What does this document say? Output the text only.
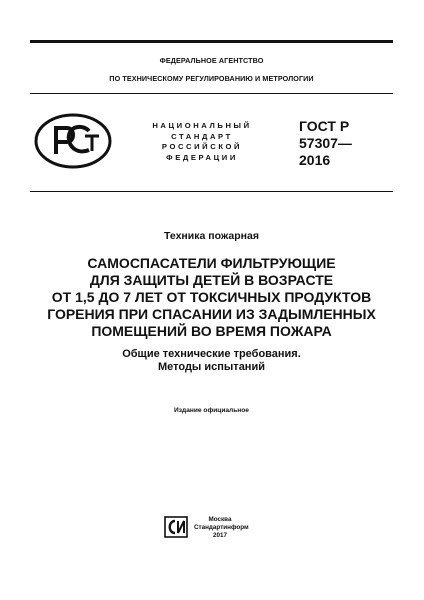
ФЕДЕРАЛЬНОЕ АГЕНТСТВО
ПО ТЕХНИЧЕСКОМУ РЕГУЛИРОВАНИЮ И МЕТРОЛОГИИ
НАЦИОНАЛЬНЫЙ
СТАНДАРТ
РОССИЙСКОЙ
ФЕДЕРАЦИИ
ГОСТ Р
57307—
2016
Техника пожарная
САМОСПАСАТЕЛИ ФИЛЬТРУЮЩИЕ
ДЛЯ ЗАЩИТЫ ДЕТЕЙ В ВОЗРАСТЕ
ОТ 1,5 ДО 7 ЛЕТ ОТ ТОКСИЧНЫХ ПРОДУКТОВ
ГОРЕНИЯ ПРИ СПАСАНИИ ИЗ ЗАДЫМЛЕННЫХ
ПОМЕЩЕНИЙ ВО ВРЕМЯ ПОЖАРА
Общие технические требования.
Методы испытаний
Издание официальное
Москва
Стандартинформ
2017
